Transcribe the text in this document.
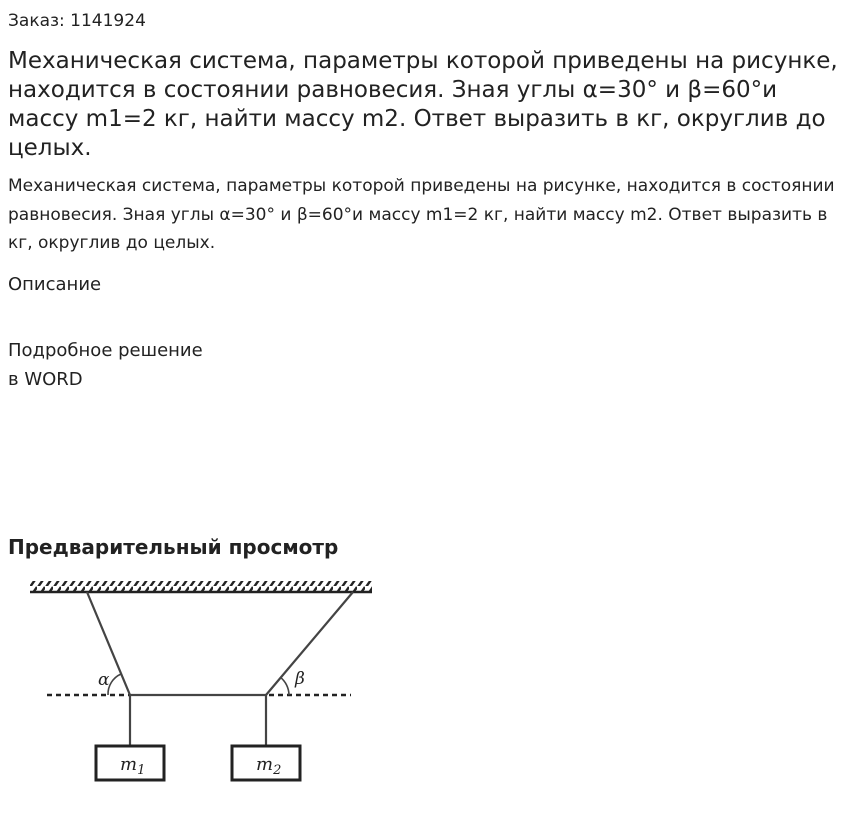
Заказ: 1141924
Механическая система, параметры которой приведены на рисунке, находится в состоянии равновесия. Зная углы α=30° и β=60°и массу m1=2 кг, найти массу m2. Ответ выразить в кг, округлив до целых.
Механическая система, параметры которой приведены на рисунке, находится в состоянии равновесия. Зная углы α=30° и β=60°и массу m1=2 кг, найти массу m2. Ответ выразить в кг, округлив до целых.
Описание
Подробное решение
в WORD
Предварительный просмотр
α	β
$m_1$	$m_2$
